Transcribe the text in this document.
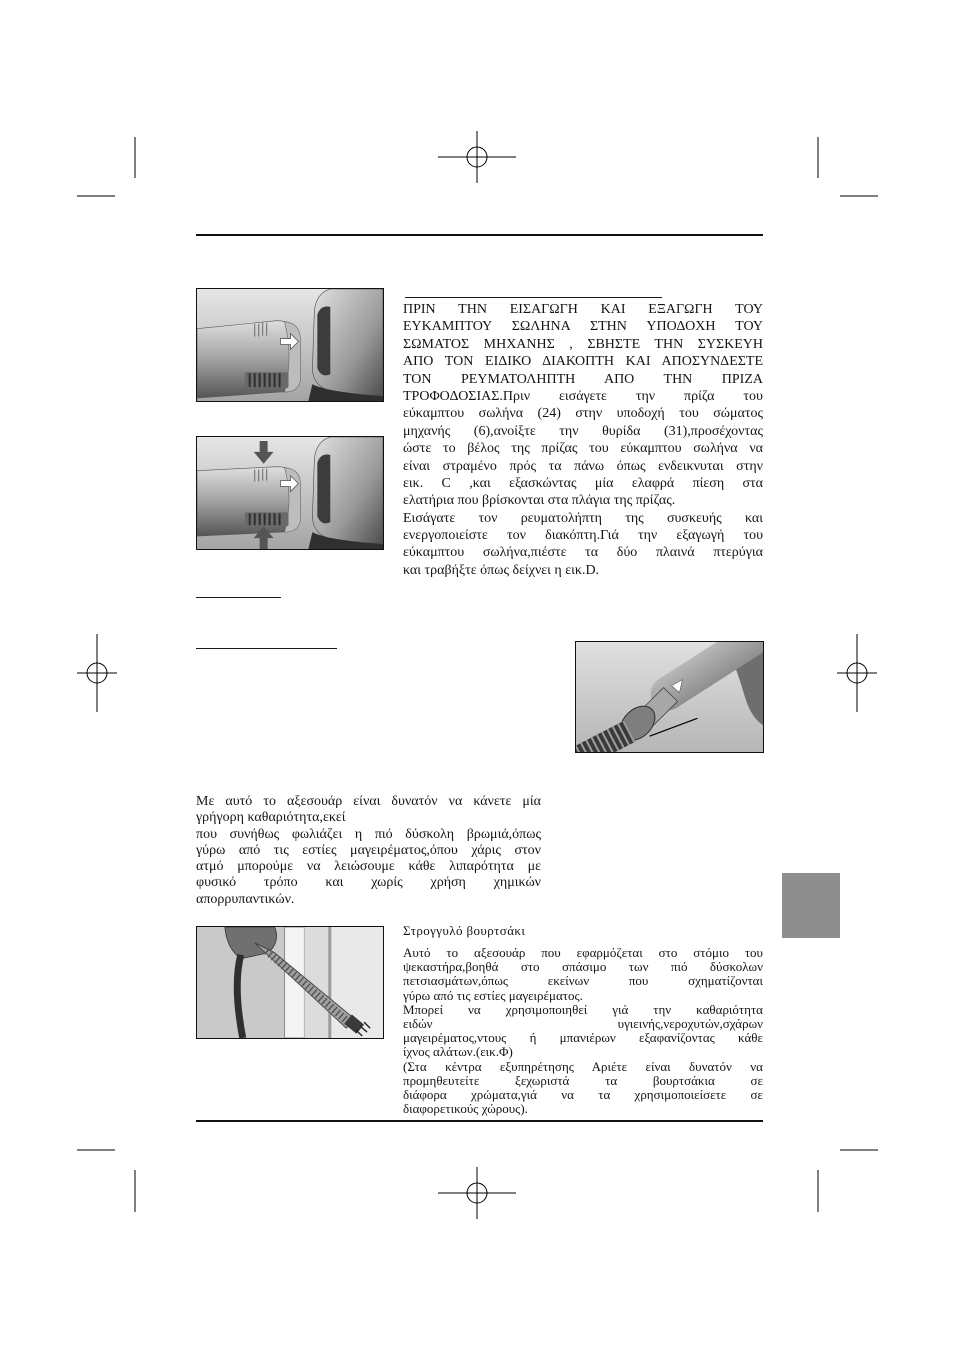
ΠΡΙΝ ΤΗΝ ΕΙΣΑΓΩΓΗ ΚΑΙ ΕΞΑΓΩΓΗ ΤΟΥ
ΕΥΚΑΜΠΤΟΥ ΣΩΛΗΝΑ ΣΤΗΝ ΥΠΟΔΟΧΗ ΤΟΥ
ΣΩΜΑΤΟΣ ΜΗΧΑΝΗΣ , ΣΒΗΣΤΕ ΤΗΝ ΣΥΣΚΕΥΗ
ΑΠΟ ΤΟΝ ΕΙΔΙΚΟ ΔΙΑΚΟΠΤΗ ΚΑΙ ΑΠΟΣΥΝΔΕΣΤΕ
ΤΟΝ ΡΕΥΜΑΤΟΛΗΠΤΗ ΑΠΟ ΤΗΝ ΠΡΙΖΑ
ΤΡΟΦΟΔΟΣΙΑΣ.Πριν εισάγετε την πρίζα του
εύκαμπτου σωλήνα (24) στην υποδοχή του σώματος
μηχανής (6),ανοίξτε την θυρίδα (31),προσέχοντας
ώστε το βέλος της πρίζας του εύκαμπτου σωλήνα να
είναι στραμένο πρός τα πάνω όπως ενδεικνυται στην
εικ. C ,και εξασκώντας μία ελαφρά πίεση στα
ελατήρια που βρίσκονται στα πλάγια της πρίζας.
Εισάγατε τον ρευματολήπτη της συσκευής και
ενεργοποιείστε τον διακόπτη.Γιά την εξαγωγή του
εύκαμπτου σωλήνα,πιέστε τα δύο πλαινά πτερύγια
και τραβήξτε όπως δείχνει η εικ.D.
Με αυτό το αξεσουάρ είναι δυνατόν να κάνετε μία
γρήγορη καθαριότητα,εκεί
που συνήθως φωλιάζει η πιό δύσκολη βρωμιά,όπως
γύρω από τις εστίες μαγειρέματος,όπου χάρις στον
ατμό μπορούμε να λειώσουμε κάθε λιπαρότητα με
φυσικό τρόπο και χωρίς χρήση χημικών
απορρυπαντικών.
Στρογγυλό βουρτσάκι
Αυτό το αξεσουάρ που εφαρμόζεται στο στόμιο του
ψεκαστήρα,βοηθά στο σπάσιμο των πιό δύσκολων
πετσιασμάτων,όπως εκείνων που σχηματίζονται
γύρω από τις εστίες μαγειρέματος.
Μπορεί να χρησιμοποιηθεί γιά την καθαριότητα
ειδών υγιεινής,νεροχυτών,σχάρων
μαγειρέματος,ντους ή μπανιέρων εξαφανίζοντας κάθε
ίχνος αλάτων.(εικ.Φ)
(Στα κέντρα εξυπηρέτησης Αριέτε είναι δυνατόν να
προμηθευτείτε ξεχωριστά τα βουρτσάκια σε
διάφορα χρώματα,γιά να τα χρησιμοποιείσετε σε
διαφορετικούς χώρους).
